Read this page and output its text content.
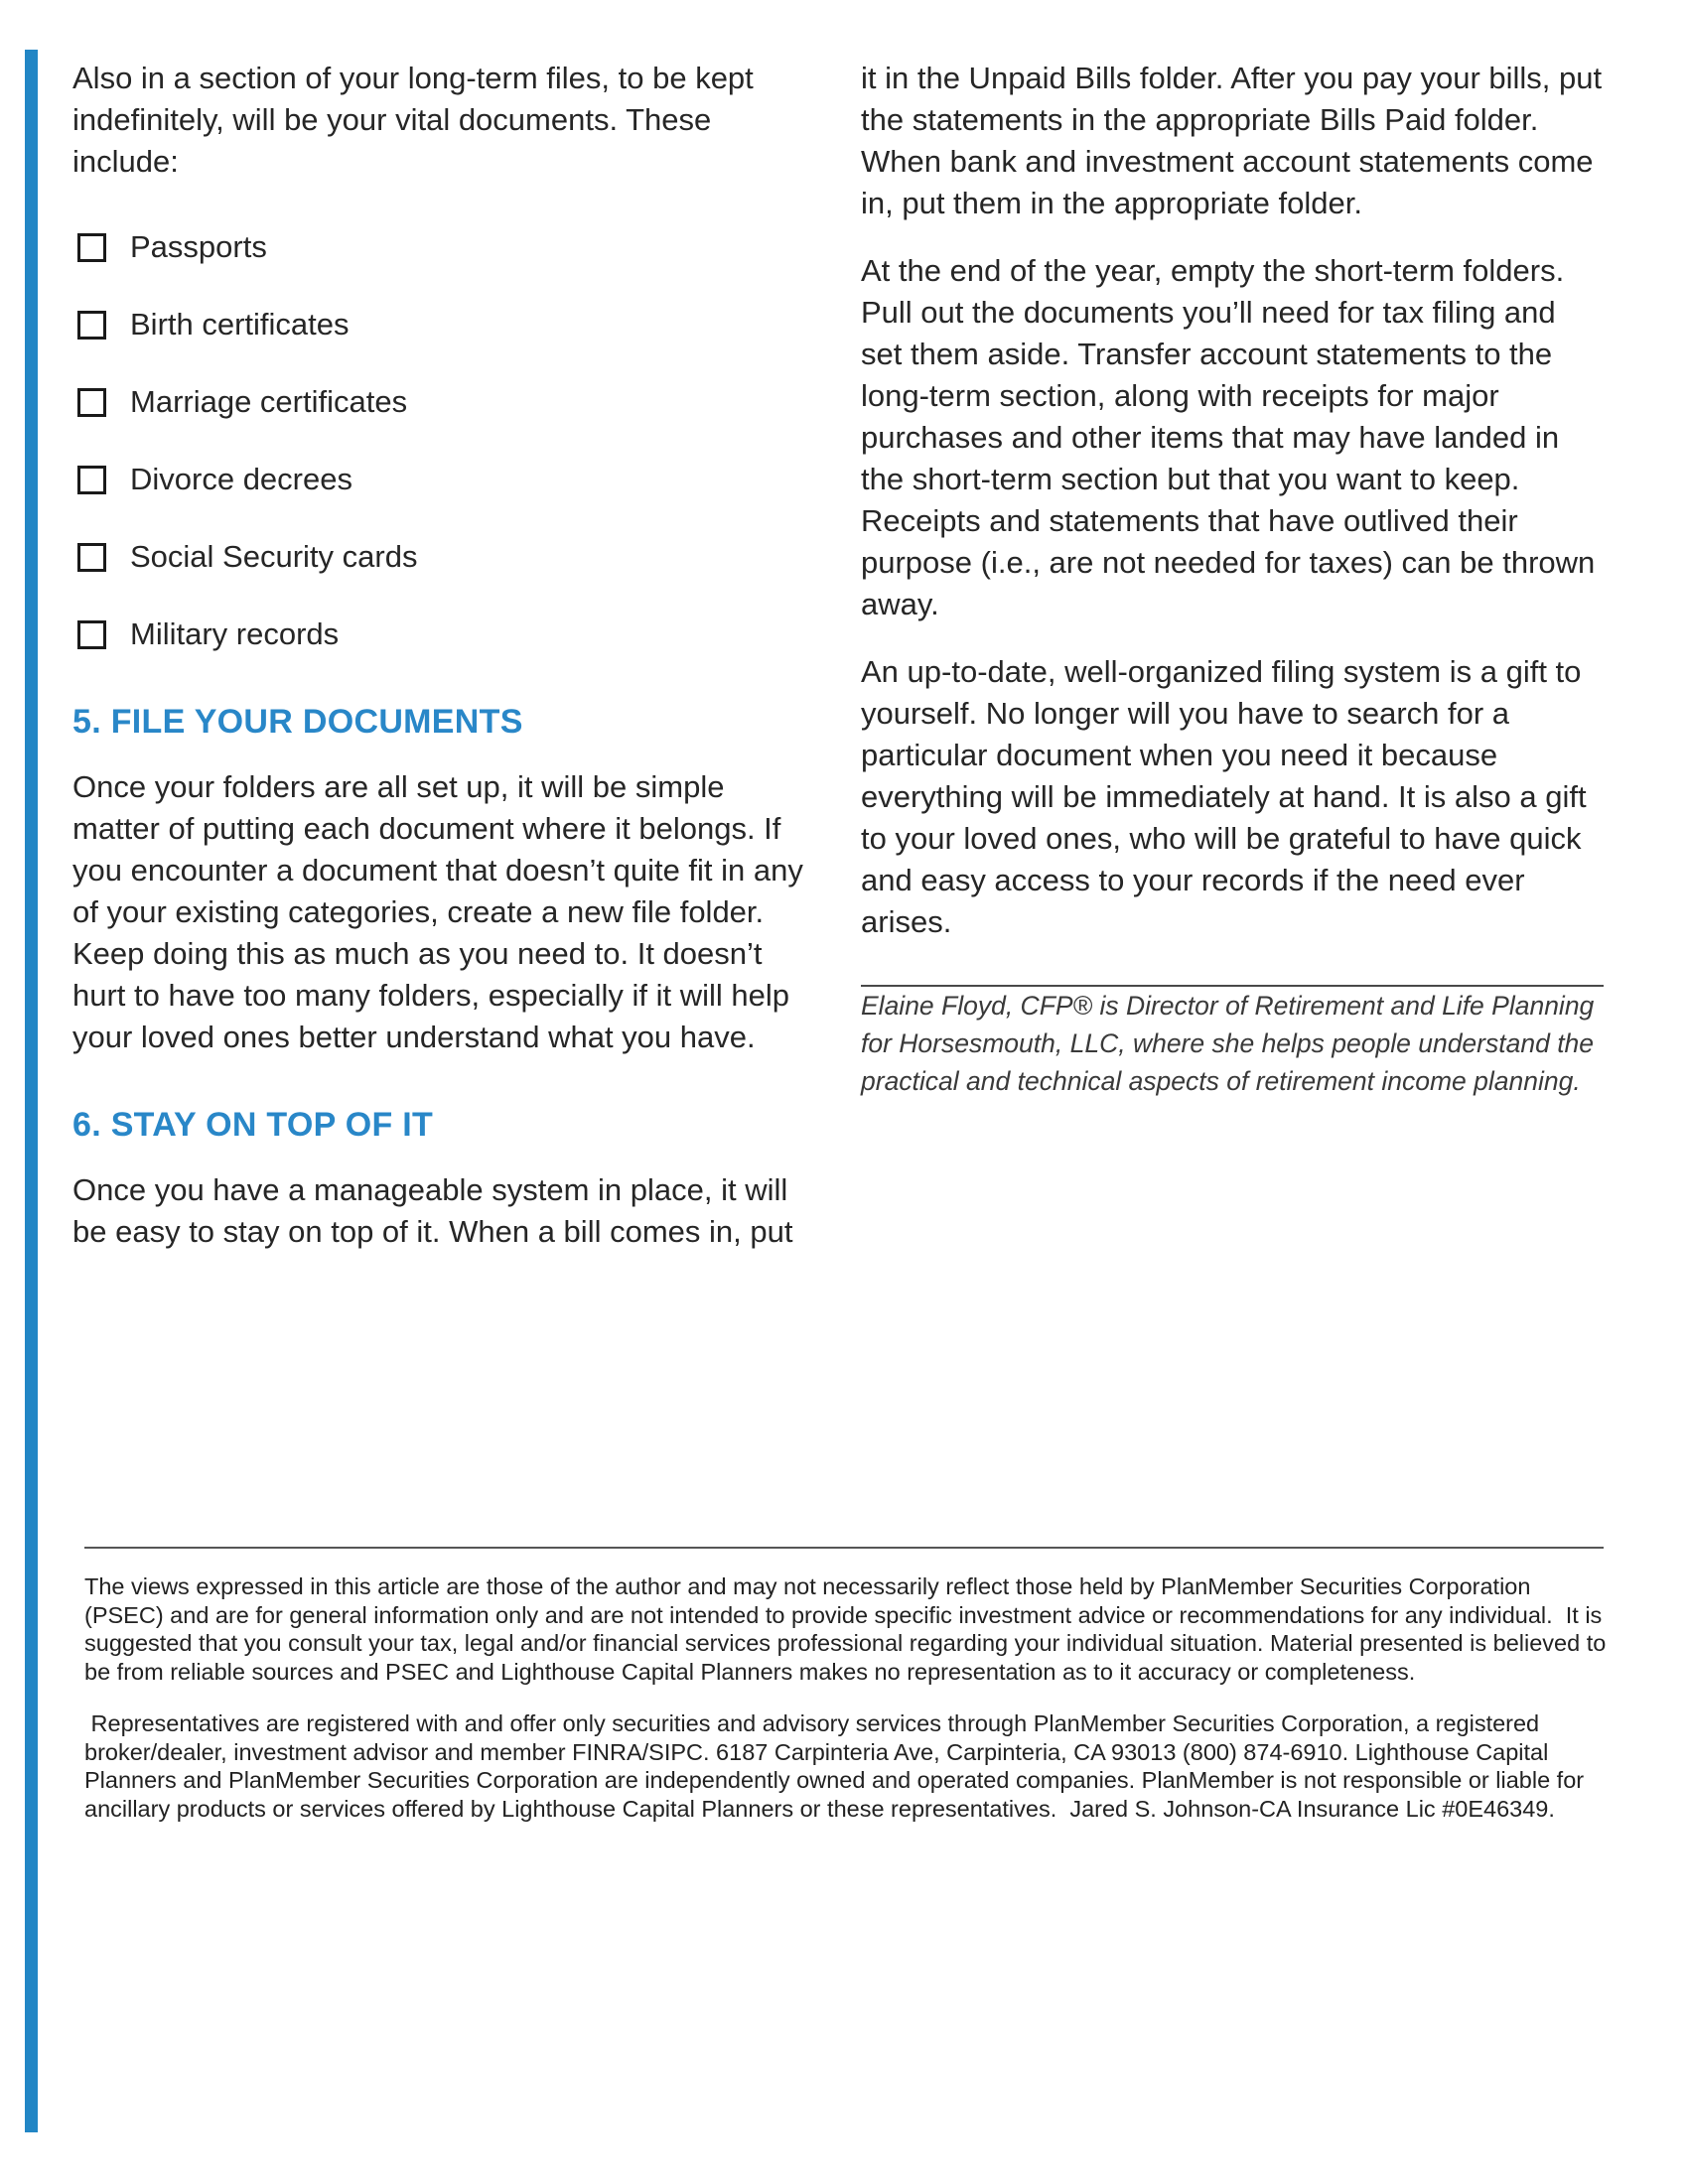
Also in a section of your long-term files, to be kept indefinitely, will be your vital documents. These include:

Passports
Birth certificates
Marriage certificates
Divorce decrees
Social Security cards
Military records
5. FILE YOUR DOCUMENTS

Once your folders are all set up, it will be simple matter of putting each document where it belongs. If you encounter a document that doesn’t quite fit in any of your existing categories, create a new file folder. Keep doing this as much as you need to. It doesn’t hurt to have too many folders, especially if it will help your loved ones better understand what you have.

6. STAY ON TOP OF IT

Once you have a manageable system in place, it will be easy to stay on top of it. When a bill comes in, put

it in the Unpaid Bills folder. After you pay your bills, put the statements in the appropriate Bills Paid folder. When bank and investment account statements come in, put them in the appropriate folder.

At the end of the year, empty the short-term folders. Pull out the documents you’ll need for tax filing and set them aside. Transfer account statements to the long-term section, along with receipts for major purchases and other items that may have landed in the short-term section but that you want to keep. Receipts and statements that have outlived their purpose (i.e., are not needed for taxes) can be thrown away.

An up-to-date, well-organized filing system is a gift to yourself. No longer will you have to search for a particular document when you need it because everything will be immediately at hand. It is also a gift to your loved ones, who will be grateful to have quick and easy access to your records if the need ever arises.

Elaine Floyd, CFP® is Director of Retirement and Life Planning for Horsesmouth, LLC, where she helps people understand the practical and technical aspects of retirement income planning.

The views expressed in this article are those of the author and may not necessarily reflect those held by PlanMember Securities Corporation (PSEC) and are for general information only and are not intended to provide specific investment advice or recommendations for any individual.  It is suggested that you consult your tax, legal and/or financial services professional regarding your individual situation. Material presented is believed to be from reliable sources and PSEC and Lighthouse Capital Planners makes no representation as to it accuracy or completeness.

Representatives are registered with and offer only securities and advisory services through PlanMember Securities Corporation, a registered broker/dealer, investment advisor and member FINRA/SIPC. 6187 Carpinteria Ave, Carpinteria, CA 93013 (800) 874-6910. Lighthouse Capital Planners and PlanMember Securities Corporation are independently owned and operated companies. PlanMember is not responsible or liable for ancillary products or services offered by Lighthouse Capital Planners or these representatives.  Jared S. Johnson-CA Insurance Lic #0E46349.
